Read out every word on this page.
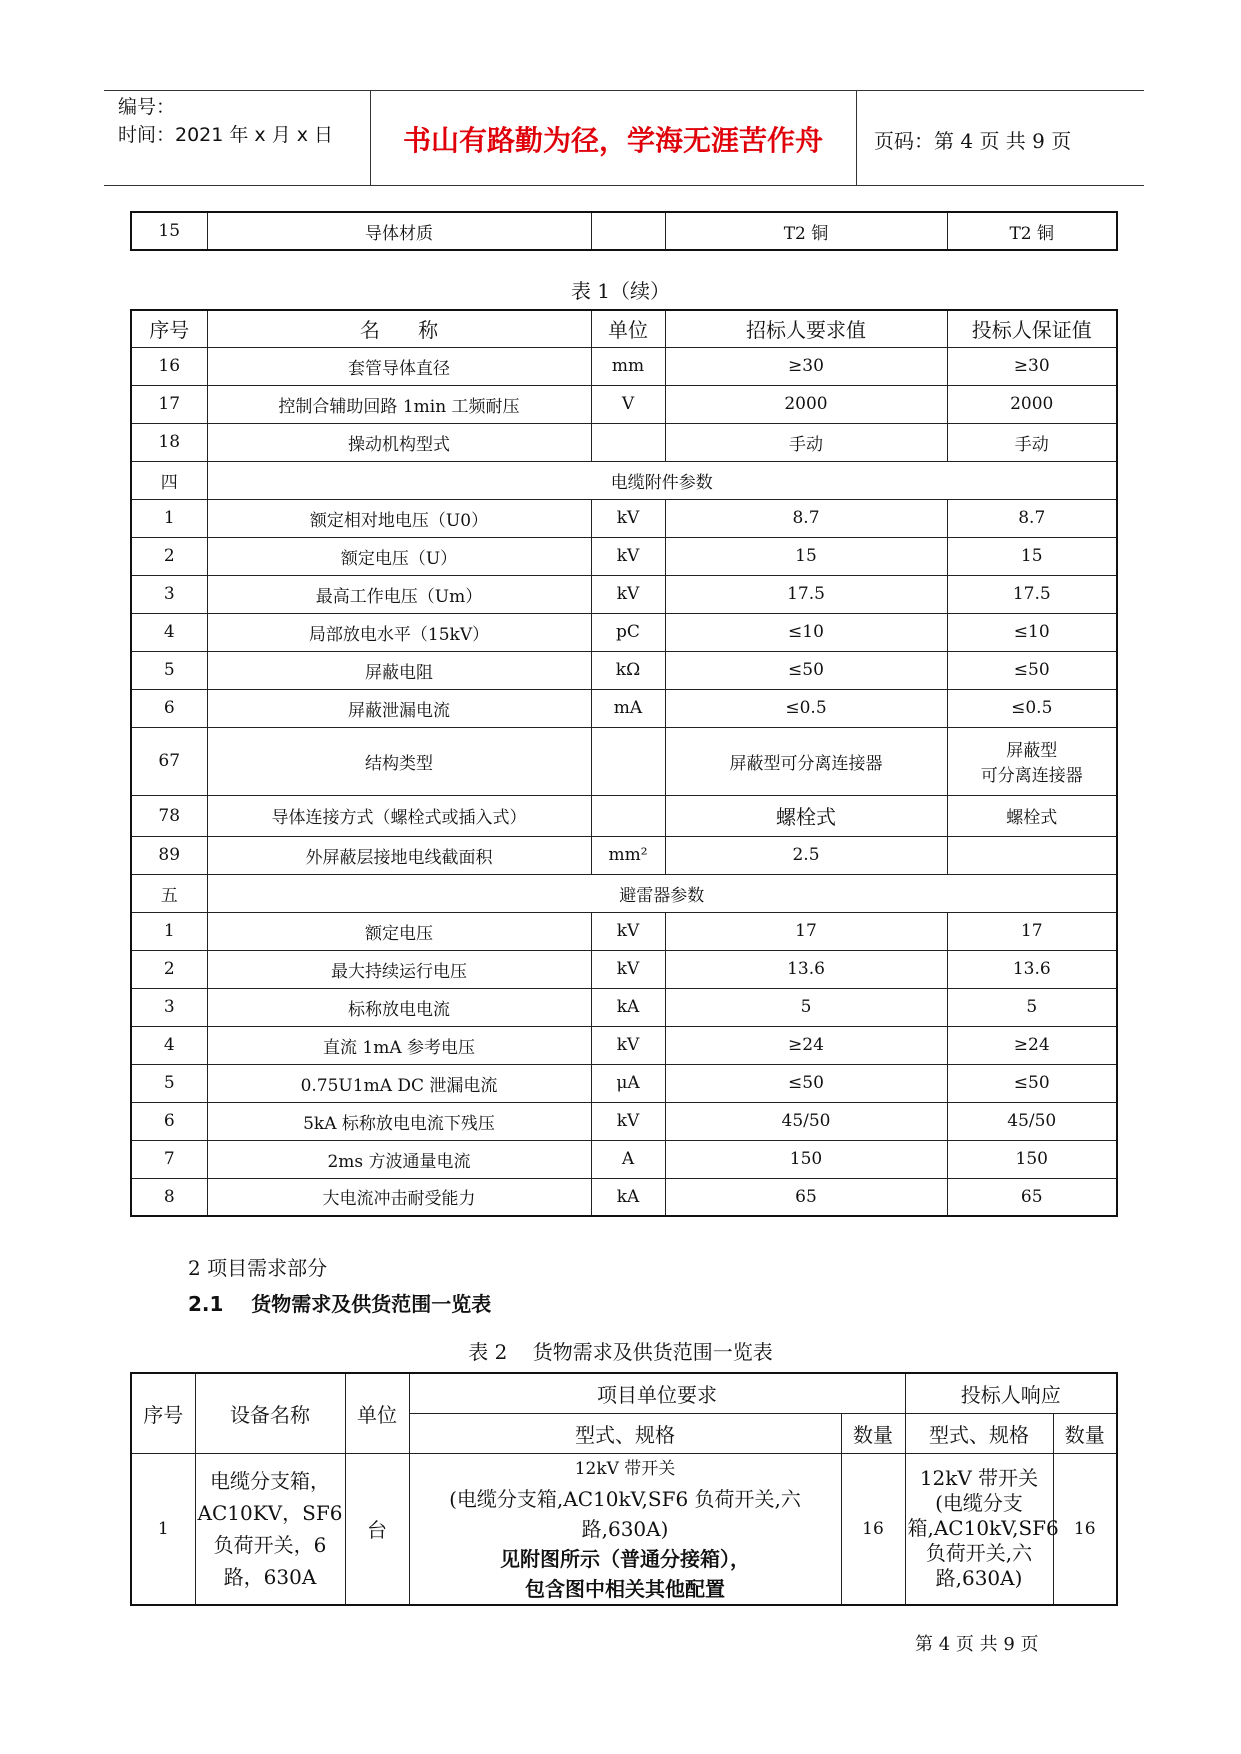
编号：
时间：2021 年 x 月 x 日	书山有路勤为径，学海无涯苦作舟	页码：第 4 页 共 9 页
15	导体材质		T2 铜	T2 铜
表 1（续）
序号	名      称	单位	招标人要求值	投标人保证值
16	套管导体直径	mm	≥30	≥30
17	控制合辅助回路 1min 工频耐压	V	2000	2000
18	操动机构型式		手动	手动
四	电缆附件参数			
1	额定相对地电压（U0）	kV	8.7	8.7
2	额定电压（U）	kV	15	15
3	最高工作电压（Um）	kV	17.5	17.5
4	局部放电水平（15kV）	pC	≤10	≤10
5	屏蔽电阻	kΩ	≤50	≤50
6	屏蔽泄漏电流	mA	≤0.5	≤0.5
67	结构类型		屏蔽型可分离连接器	屏蔽型
可分离连接器
78	导体连接方式（螺栓式或插入式）		螺栓式	螺栓式
89	外屏蔽层接地电线截面积	mm²	2.5	
五	避雷器参数			
1	额定电压	kV	17	17
2	最大持续运行电压	kV	13.6	13.6
3	标称放电电流	kA	5	5
4	直流 1mA 参考电压	kV	≥24	≥24
5	0.75U1mA DC 泄漏电流	μA	≤50	≤50
6	5kA 标称放电电流下残压	kV	45/50	45/50
7	2ms 方波通量电流	A	150	150
8	大电流冲击耐受能力	kA	65	65
2 项目需求部分
2.1    货物需求及供货范围一览表
表 2    货物需求及供货范围一览表
序号	设备名称	单位	项目单位要求		投标人响应	
			型式、规格	数量	型式、规格	数量
1	电缆分支箱，AC10KV，SF6 负荷开关，6 路，630A	台	12kV 带开关
(电缆分支箱,AC10kV,SF6 负荷开关,六路,630A)
见附图所示（普通分接箱），
包含图中相关其他配置	16	12kV 带开关(电缆分支箱,AC10kV,SF6 负荷开关,六路,630A)	16
第 4 页 共 9 页
